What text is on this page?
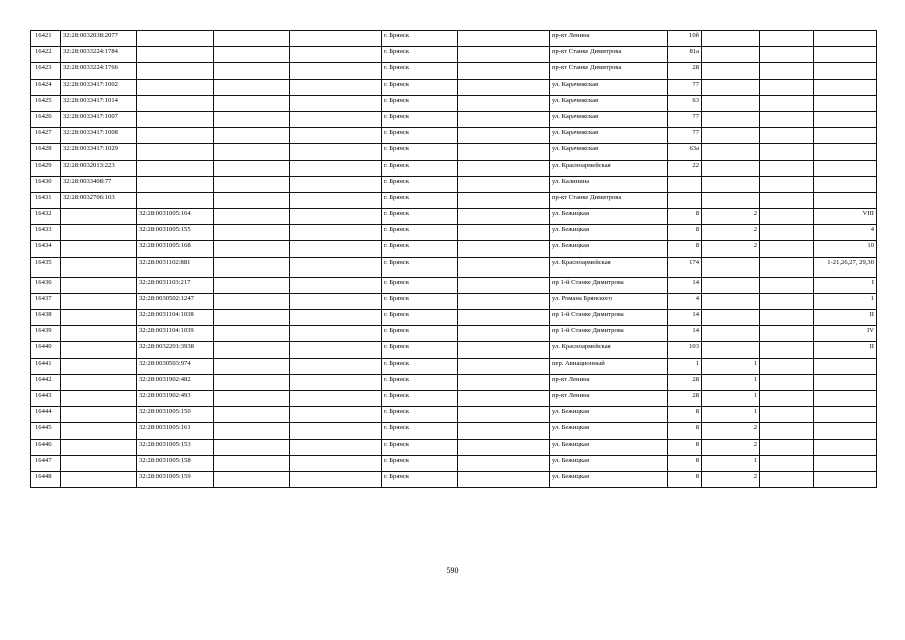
16421	32:28:0032038:2077				г. Брянск		пр-кт Ленина	10б			
16422	32:28:0033224:1784				г. Брянск		пр-кт Станке Димитрова	81а			
16423	32:28:0033224:1766				г. Брянск		пр-кт Станке Димитрова	28			
16424	32:28:0033417:1002				г. Брянск		ул. Карачижская	77			
16425	32:28:0033417:1014				г. Брянск		ул. Карачижская	63			
16426	32:28:0033417:1007				г. Брянск		ул. Карачижская	77			
16427	32:28:0033417:1008				г. Брянск		ул. Карачижская	77			
16428	32:28:0033417:1029				г. Брянск		ул. Карачижская	63а			
16429	32:28:0032013:223				г. Брянск		ул. Красноармейская	22			
16430	32:28:0033408:77				г. Брянск		ул. Калинина				
16431	32:28:0032706:103				г. Брянск		пр-кт Станке Димитрова				
16432		32:28:0031005:164			г. Брянск		ул. Бежицкая	8	2		VIII
16433		32:28:0031005:155			г. Брянск		ул. Бежицкая	8	2		4
16434		32:28:0031005:168			г. Брянск		ул. Бежицкая	8	2		10
16435		32:28:0031102:881			г. Брянск		ул. Красноармейская	174			1-21,26,27, 29,30
16436		32:28:0031103:217			г. Брянск		пр 1-й Станке Димитрова	14			I
16437		32:28:0030502:1247			г. Брянск		ул. Романа Брянского	4			1
16438		32:28:0031104:1038			г. Брянск		пр 1-й Станке Димитрова	14			II
16439		32:28:0031104:1039			г. Брянск		пр 1-й Станке Димитрова	14			IV
16440		32:28:0032201:3938			г. Брянск		ул. Красноармейская	103			II
16441		32:28:0030503:974			г. Брянск		пер. Авиационный	1	1		
16442		32:28:0031902:482			г. Брянск		пр-кт Ленина	28	1		
16443		32:28:0031902:493			г. Брянск		пр-кт Ленина	28	1		
16444		32:28:0031005:150			г. Брянск		ул. Бежицкая	8	1		
16445		32:28:0031005:161			г. Брянск		ул. Бежицкая	8	2		
16446		32:28:0031005:153			г. Брянск		ул. Бежицкая	8	2		
16447		32:28:0031005:158			г. Брянск		ул. Бежицкая	8	1		
16448		32:28:0031005:159			г. Брянск		ул. Бежицкая	8	2		
590
